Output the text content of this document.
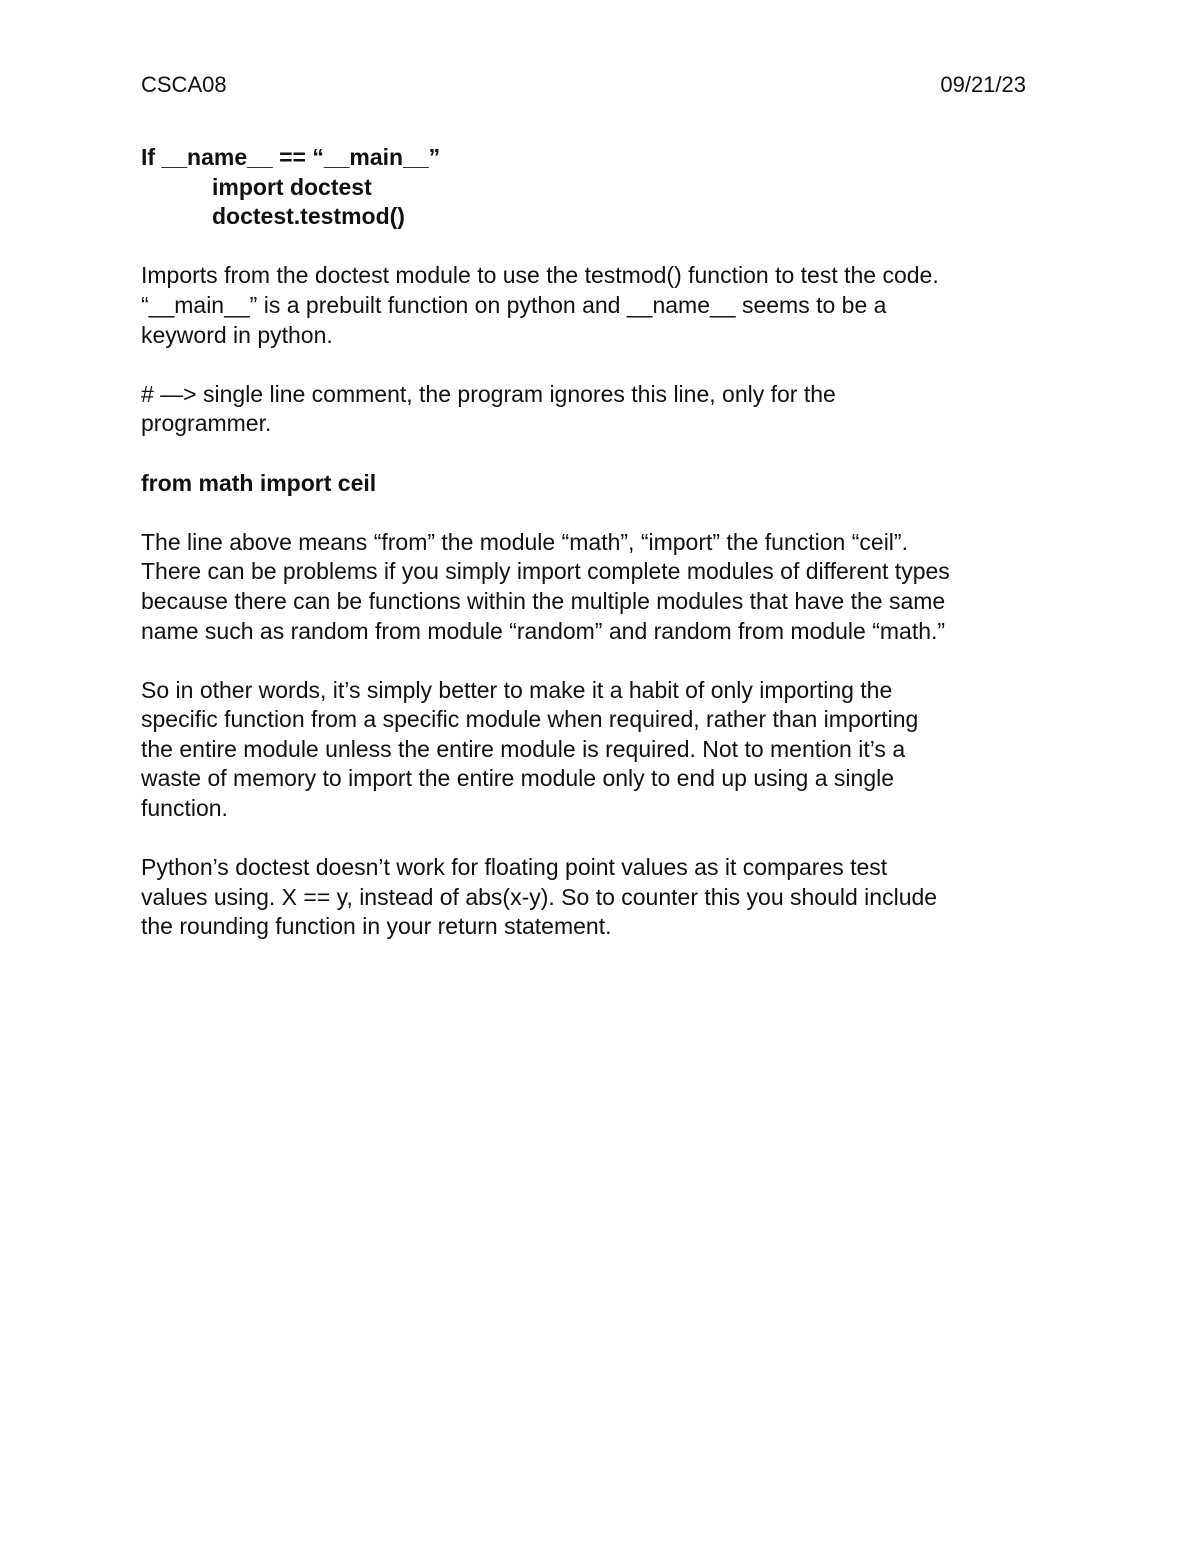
CSCA08	09/21/23
If __name__ == “__main__”
import doctest
doctest.testmod()
Imports from the doctest module to use the testmod() function to test the code.
“__main__” is a prebuilt function on python and __name__ seems to be a
keyword in python.
# —> single line comment, the program ignores this line, only for the
programmer.
from math import ceil
The line above means “from” the module “math”, “import” the function “ceil”.
There can be problems if you simply import complete modules of different types
because there can be functions within the multiple modules that have the same
name such as random from module “random” and random from module “math.”
So in other words, it’s simply better to make it a habit of only importing the
specific function from a specific module when required, rather than importing
the entire module unless the entire module is required. Not to mention it’s a
waste of memory to import the entire module only to end up using a single
function.
Python’s doctest doesn’t work for floating point values as it compares test
values using. X == y, instead of abs(x-y). So to counter this you should include
the rounding function in your return statement.
